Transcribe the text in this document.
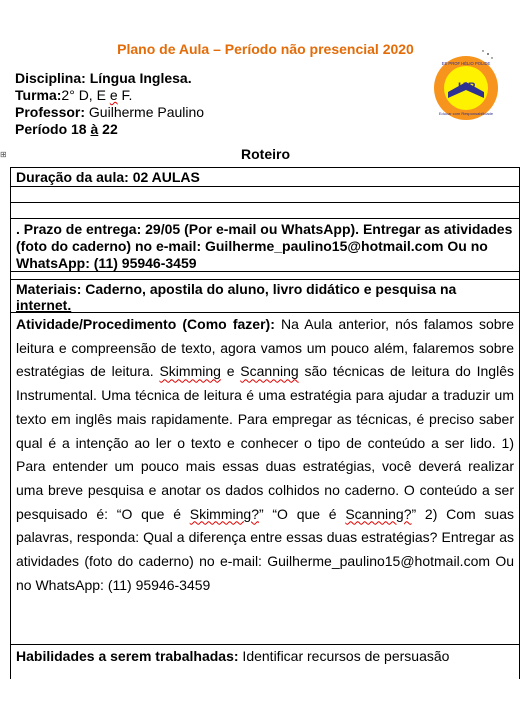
Plano de Aula – Período não presencial 2020
Disciplina: Língua Inglesa.
Turma:2° D, E e F.
Professor: Guilherme Paulino
Período 18 à 22
H P
EE PROF HÉLIO POLIDE
Educar com Responsabilidade
Roteiro
⊞
Duração da aula: 02 AULAS
. Prazo de entrega: 29/05 (Por e-mail ou WhatsApp). Entregar as atividades (foto do caderno) no e-mail: Guilherme_paulino15@hotmail.com Ou no WhatsApp: (11) 95946-3459
Materiais: Caderno, apostila do aluno, livro didático e pesquisa na internet.
Atividade/Procedimento (Como fazer): Na Aula anterior, nós falamos sobre leitura e compreensão de texto, agora vamos um pouco além, falaremos sobre estratégias de leitura. Skimming e Scanning são técnicas de leitura do Inglês Instrumental. Uma técnica de leitura é uma estratégia para ajudar a traduzir um texto em inglês mais rapidamente. Para empregar as técnicas, é preciso saber qual é a intenção ao ler o texto e conhecer o tipo de conteúdo a ser lido. 1) Para entender um pouco mais essas duas estratégias, você deverá realizar uma breve pesquisa e anotar os dados colhidos no caderno. O conteúdo a ser pesquisado é: “O que é Skimming?” “O que é Scanning?” 2) Com suas palavras, responda: Qual a diferença entre essas duas estratégias? Entregar as atividades (foto do caderno) no e-mail: Guilherme_paulino15@hotmail.com Ou no WhatsApp: (11) 95946-3459
Habilidades a serem trabalhadas: Identificar recursos de persuasão
